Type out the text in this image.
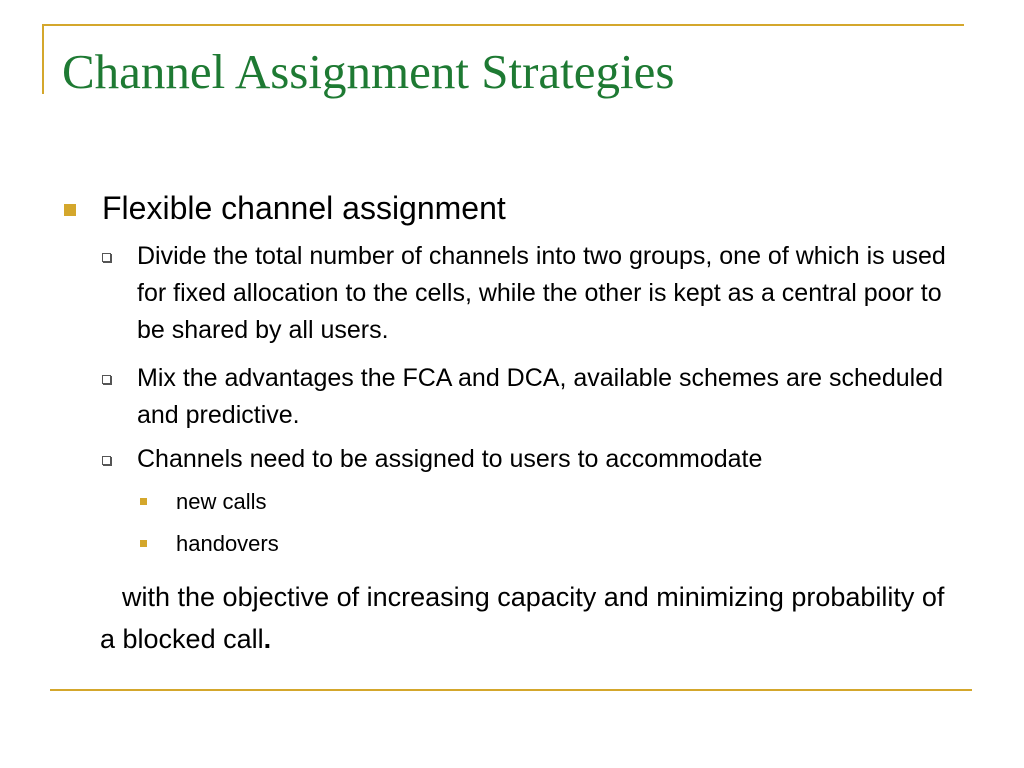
Channel Assignment Strategies
Flexible channel assignment
Divide the total number of channels into two groups, one of which is used for fixed allocation to the cells, while the other is kept as a central poor to be shared by all users.
Mix the advantages the FCA and DCA, available schemes are scheduled and predictive.
Channels need to be assigned to users to accommodate
new calls
handovers
with the objective of increasing capacity and minimizing probability of a blocked call.
